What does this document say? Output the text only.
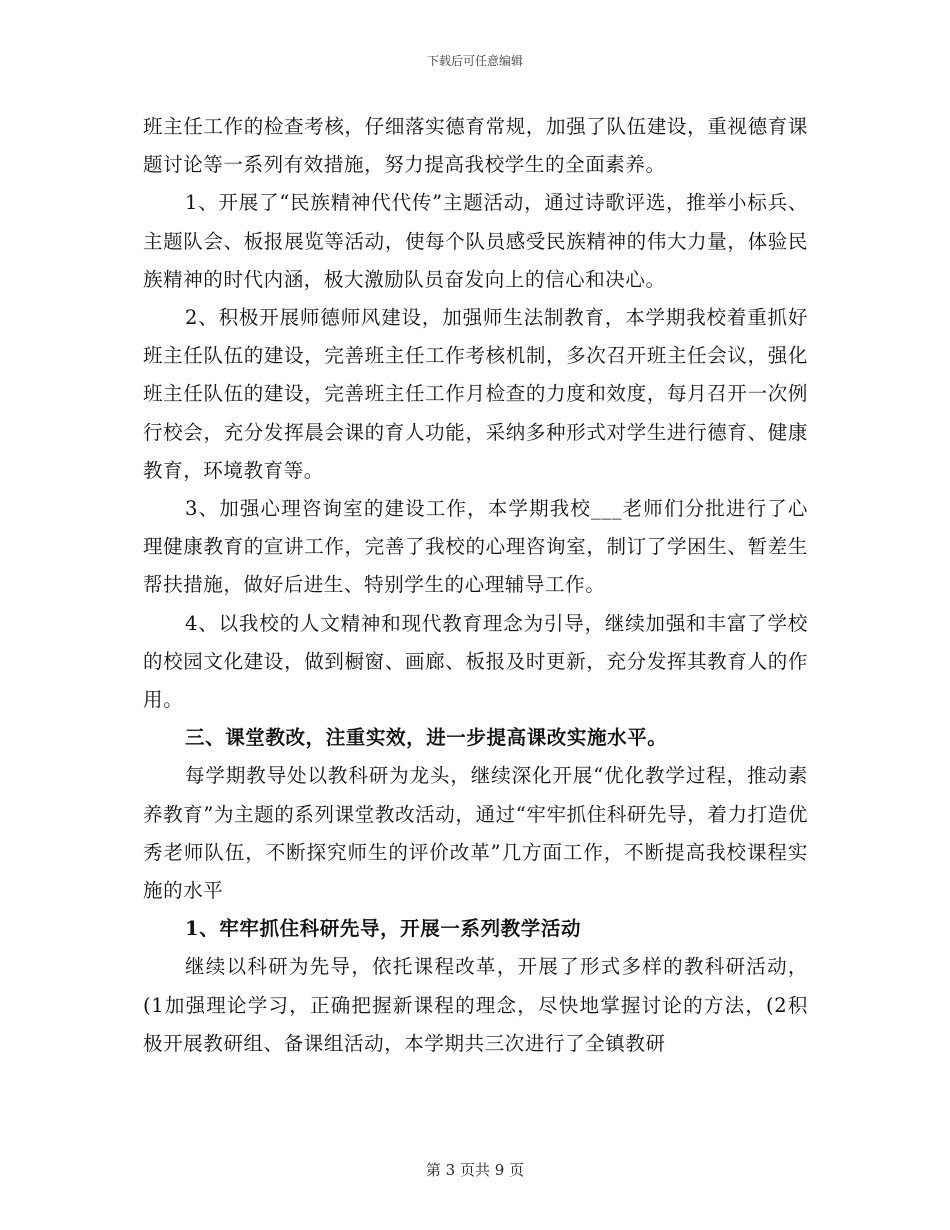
下载后可任意编辑

班主任工作的检查考核，仔细落实德育常规，加强了队伍建设，重视德育课题讨论等一系列有效措施，努力提高我校学生的全面素养。

1、开展了“民族精神代代传”主题活动，通过诗歌评选，推举小标兵、主题队会、板报展览等活动，使每个队员感受民族精神的伟大力量，体验民族精神的时代内涵，极大激励队员奋发向上的信心和决心。

2、积极开展师德师风建设，加强师生法制教育，本学期我校着重抓好班主任队伍的建设，完善班主任工作考核机制，多次召开班主任会议，强化班主任队伍的建设，完善班主任工作月检查的力度和效度，每月召开一次例行校会，充分发挥晨会课的育人功能，采纳多种形式对学生进行德育、健康教育，环境教育等。

3、加强心理咨询室的建设工作，本学期我校___老师们分批进行了心理健康教育的宣讲工作，完善了我校的心理咨询室，制订了学困生、暂差生帮扶措施，做好后进生、特别学生的心理辅导工作。

4、以我校的人文精神和现代教育理念为引导，继续加强和丰富了学校的校园文化建设，做到橱窗、画廊、板报及时更新，充分发挥其教育人的作用。

三、课堂教改，注重实效，进一步提高课改实施水平。

每学期教导处以教科研为龙头，继续深化开展“优化教学过程，推动素养教育”为主题的系列课堂教改活动，通过“牢牢抓住科研先导，着力打造优秀老师队伍，不断探究师生的评价改革”几方面工作，不断提高我校课程实施的水平

1、牢牢抓住科研先导，开展一系列教学活动

继续以科研为先导，依托课程改革，开展了形式多样的教科研活动，(1加强理论学习，正确把握新课程的理念，尽快地掌握讨论的方法，(2积极开展教研组、备课组活动，本学期共三次进行了全镇教研

第 3 页共 9 页
